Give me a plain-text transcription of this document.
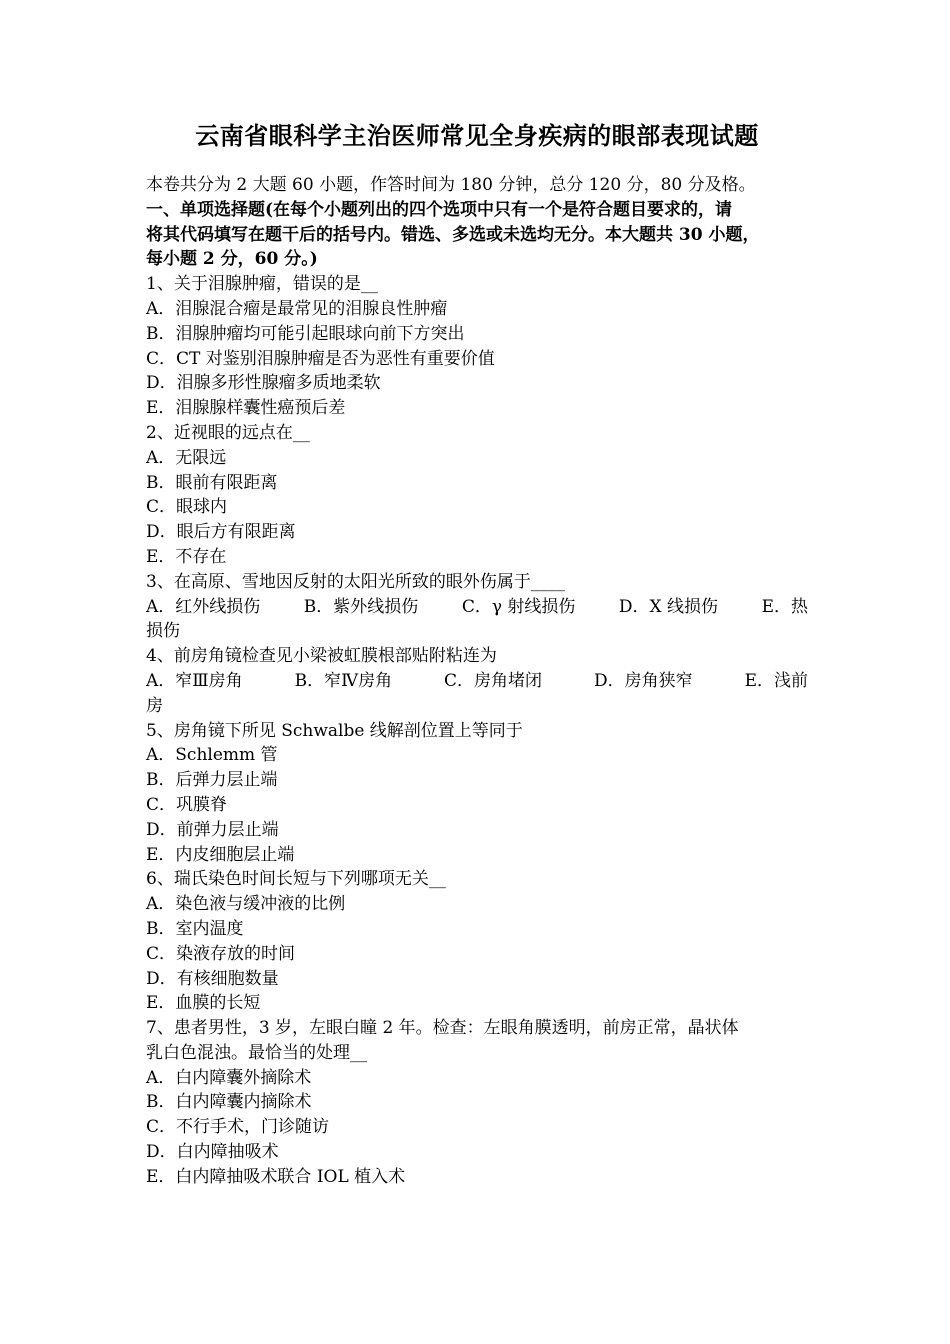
云南省眼科学主治医师常见全身疾病的眼部表现试题
本卷共分为 2 大题 60 小题，作答时间为 180 分钟，总分 120 分，80 分及格。
一、单项选择题(在每个小题列出的四个选项中只有一个是符合题目要求的，请
将其代码填写在题干后的括号内。错选、多选或未选均无分。本大题共 30 小题，
每小题 2 分，60 分。)
1、关于泪腺肿瘤，错误的是__
A．泪腺混合瘤是最常见的泪腺良性肿瘤
B．泪腺肿瘤均可能引起眼球向前下方突出
C．CT 对鉴别泪腺肿瘤是否为恶性有重要价值
D．泪腺多形性腺瘤多质地柔软
E．泪腺腺样囊性癌预后差
2、近视眼的远点在__
A．无限远
B．眼前有限距离
C．眼球内
D．眼后方有限距离
E．不存在
3、在高原、雪地因反射的太阳光所致的眼外伤属于____
A．红外线损伤	B．紫外线损伤	C．γ 射线损伤	D．X 线损伤	E．热
损伤
4、前房角镜检查见小梁被虹膜根部贴附粘连为
A．窄Ⅲ房角	B．窄Ⅳ房角	C．房角堵闭	D．房角狭窄	E．浅前
房
5、房角镜下所见 Schwalbe 线解剖位置上等同于
A．Schlemm 管
B．后弹力层止端
C．巩膜脊
D．前弹力层止端
E．内皮细胞层止端
6、瑞氏染色时间长短与下列哪项无关__
A．染色液与缓冲液的比例
B．室内温度
C．染液存放的时间
D．有核细胞数量
E．血膜的长短
7、患者男性，3 岁，左眼白瞳 2 年。检查：左眼角膜透明，前房正常，晶状体
乳白色混浊。最恰当的处理__
A．白内障囊外摘除术
B．白内障囊内摘除术
C．不行手术，门诊随访
D．白内障抽吸术
E．白内障抽吸术联合 IOL 植入术
